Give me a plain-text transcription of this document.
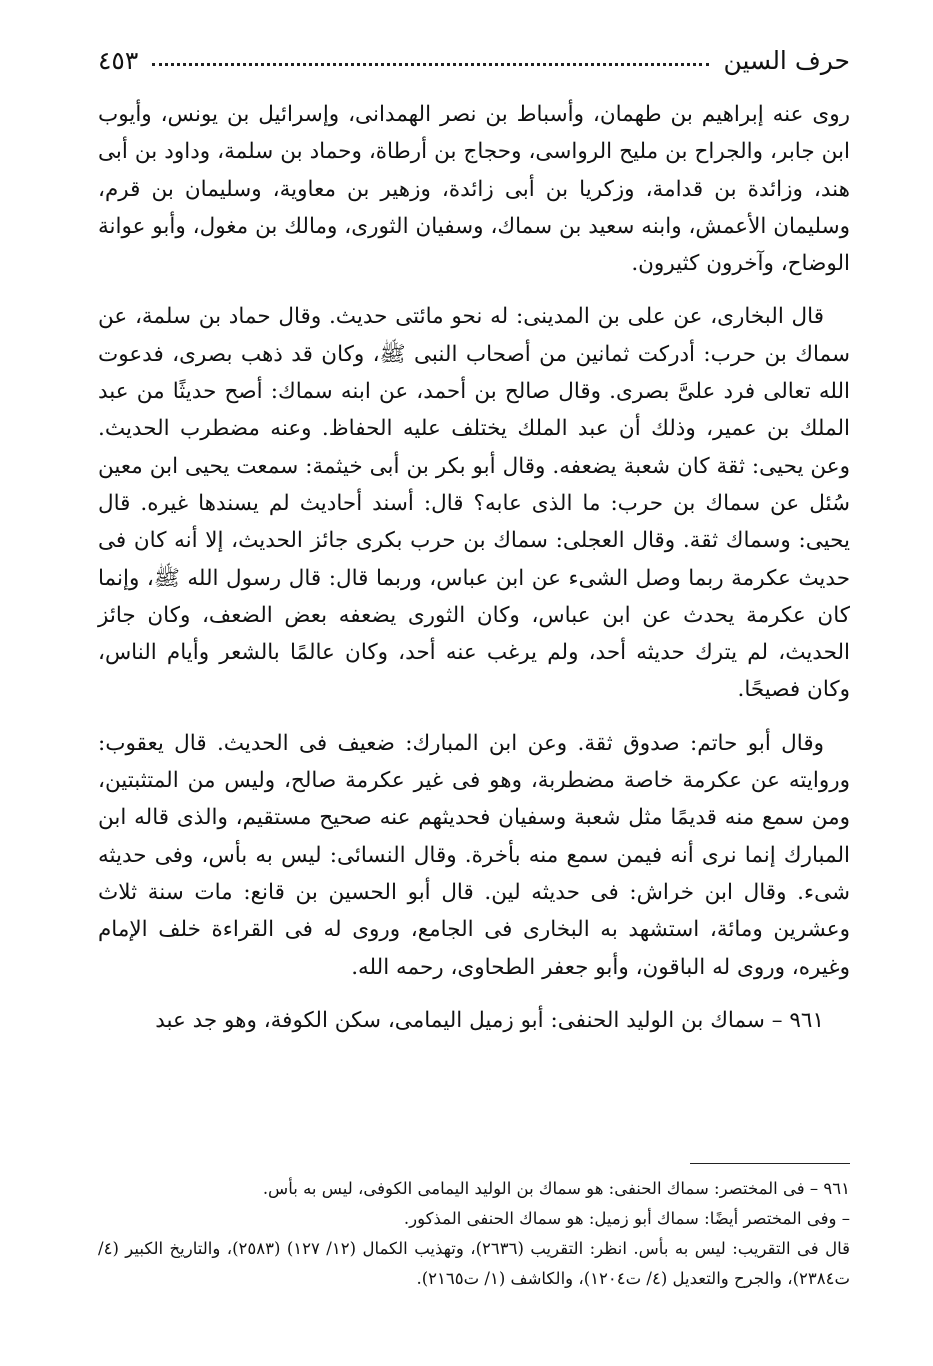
حرف السين
٤٥٣

روى عنه إبراهيم بن طهمان، وأسباط بن نصر الهمدانى، وإسرائيل بن يونس، وأيوب ابن جابر، والجراح بن مليح الرواسى، وحجاج بن أرطاة، وحماد بن سلمة، وداود بن أبى هند، وزائدة بن قدامة، وزكريا بن أبى زائدة، وزهير بن معاوية، وسليمان بن قرم، وسليمان الأعمش، وابنه سعيد بن سماك، وسفيان الثورى، ومالك بن مغول، وأبو عوانة الوضاح، وآخرون كثيرون.

قال البخارى، عن على بن المدينى: له نحو مائتى حديث. وقال حماد بن سلمة، عن سماك بن حرب: أدركت ثمانين من أصحاب النبى ﷺ، وكان قد ذهب بصرى، فدعوت الله تعالى فرد علىَّ بصرى. وقال صالح بن أحمد، عن ابنه سماك: أصح حديثًا من عبد الملك بن عمير، وذلك أن عبد الملك يختلف عليه الحفاظ. وعنه مضطرب الحديث. وعن يحيى: ثقة كان شعبة يضعفه. وقال أبو بكر بن أبى خيثمة: سمعت يحيى ابن معين سُئل عن سماك بن حرب: ما الذى عابه؟ قال: أسند أحاديث لم يسندها غيره. قال يحيى: وسماك ثقة. وقال العجلى: سماك بن حرب بكرى جائز الحديث، إلا أنه كان فى حديث عكرمة ربما وصل الشىء عن ابن عباس، وربما قال: قال رسول الله ﷺ، وإنما كان عكرمة يحدث عن ابن عباس، وكان الثورى يضعفه بعض الضعف، وكان جائز الحديث، لم يترك حديثه أحد، ولم يرغب عنه أحد، وكان عالمًا بالشعر وأيام الناس، وكان فصيحًا.

وقال أبو حاتم: صدوق ثقة. وعن ابن المبارك: ضعيف فى الحديث. قال يعقوب: وروايته عن عكرمة خاصة مضطربة، وهو فى غير عكرمة صالح، وليس من المتثبتين، ومن سمع منه قديمًا مثل شعبة وسفيان فحديثهم عنه صحيح مستقيم، والذى قاله ابن المبارك إنما نرى أنه فيمن سمع منه بأخرة. وقال النسائى: ليس به بأس، وفى حديثه شىء. وقال ابن خراش: فى حديثه لين. قال أبو الحسين بن قانع: مات سنة ثلاث وعشرين ومائة، استشهد به البخارى فى الجامع، وروى له فى القراءة خلف الإمام وغيره، وروى له الباقون، وأبو جعفر الطحاوى، رحمه الله.

٩٦١ – سماك بن الوليد الحنفى: أبو زميل اليمامى، سكن الكوفة، وهو جد عبد

٩٦١ – فى المختصر: سماك الحنفى: هو سماك بن الوليد اليمامى الكوفى، ليس به بأس.

– وفى المختصر أيضًا: سماك أبو زميل: هو سماك الحنفى المذكور.

قال فى التقريب: ليس به بأس. انظر: التقريب (٢٦٣٦)، وتهذيب الكمال (١٢/ ١٢٧) (٢٥٨٣)، والتاريخ الكبير (٤/ت٢٣٨٤)، والجرح والتعديل (٤/ ت١٢٠٤)، والكاشف (١/ ت٢١٦٥).
